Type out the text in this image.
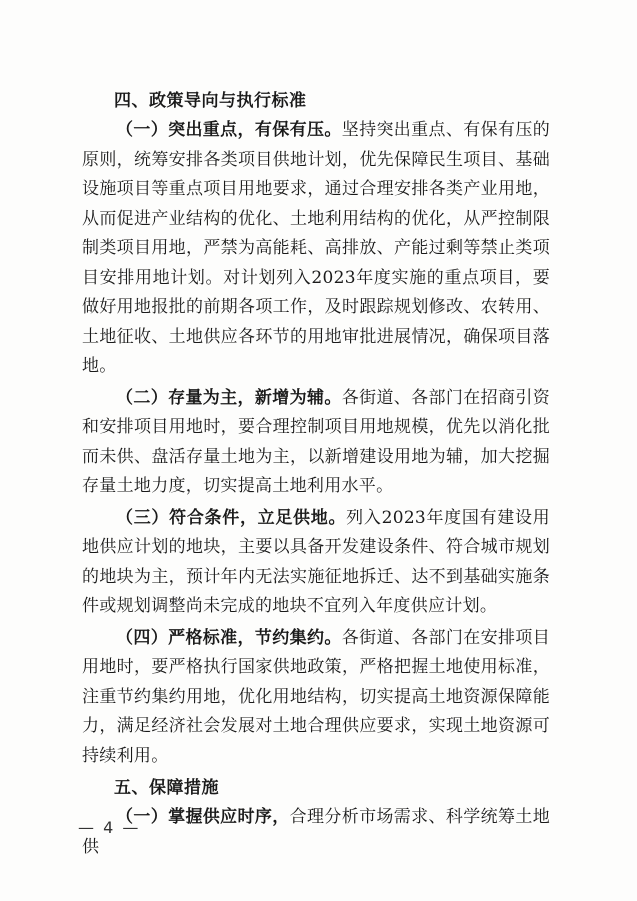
四、政策导向与执行标准

（一）突出重点，有保有压。坚持突出重点、有保有压的原则，统筹安排各类项目供地计划，优先保障民生项目、基础设施项目等重点项目用地要求，通过合理安排各类产业用地，从而促进产业结构的优化、土地利用结构的优化，从严控制限制类项目用地，严禁为高能耗、高排放、产能过剩等禁止类项目安排用地计划。对计划列入2023年度实施的重点项目，要做好用地报批的前期各项工作，及时跟踪规划修改、农转用、土地征收、土地供应各环节的用地审批进展情况，确保项目落地。

（二）存量为主，新增为辅。各街道、各部门在招商引资和安排项目用地时，要合理控制项目用地规模，优先以消化批而未供、盘活存量土地为主，以新增建设用地为辅，加大挖掘存量土地力度，切实提高土地利用水平。

（三）符合条件，立足供地。列入2023年度国有建设用地供应计划的地块，主要以具备开发建设条件、符合城市规划的地块为主，预计年内无法实施征地拆迁、达不到基础实施条件或规划调整尚未完成的地块不宜列入年度供应计划。

（四）严格标准，节约集约。各街道、各部门在安排项目用地时，要严格执行国家供地政策，严格把握土地使用标准，注重节约集约用地，优化用地结构，切实提高土地资源保障能力，满足经济社会发展对土地合理供应要求，实现土地资源可持续利用。

五、保障措施

（一）掌握供应时序，合理分析市场需求、科学统筹土地供

— 4 —
